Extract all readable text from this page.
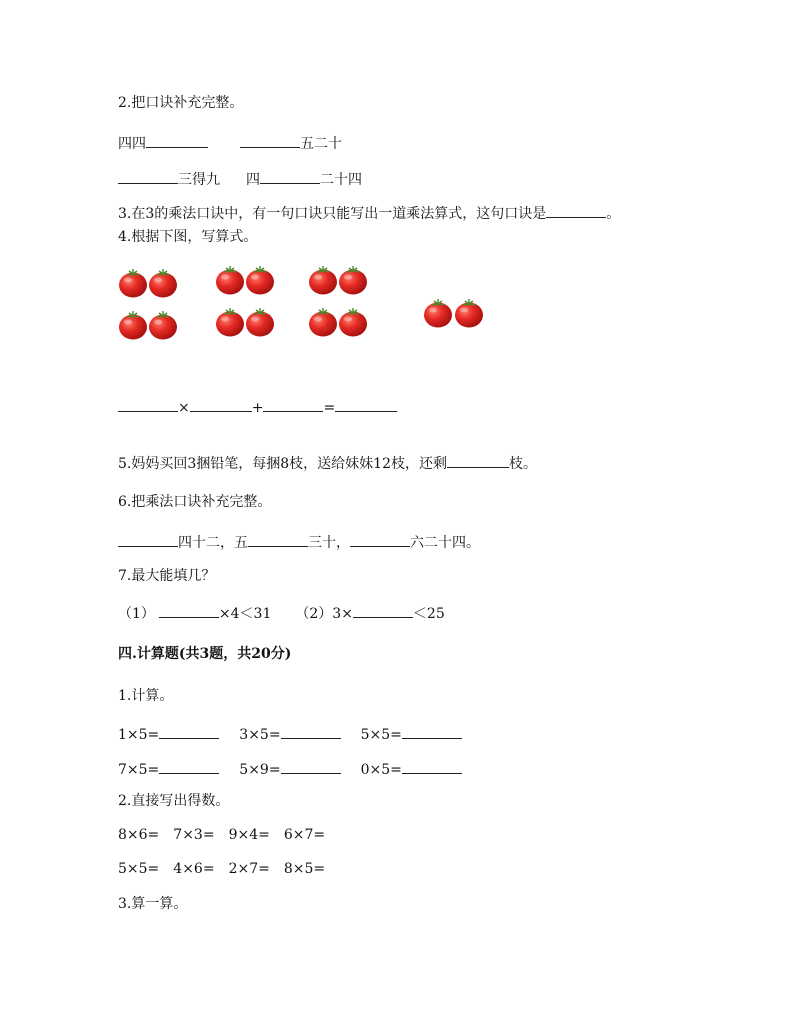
2.把口诀补充完整。
四四	五二十
三得九 四	二十四
3.在3的乘法口诀中，有一句口诀只能写出一道乘法算式，这句口诀是	。
4.根据下图，写算式。
×	+	=
5.妈妈买回3捆铅笔，每捆8枝，送给妹妹12枝，还剩	枝。
6.把乘法口诀补充完整。
四十二，五	三十，	六二十四。
7.最大能填几？
（1）	×4＜31 （2）3×	＜25
四.计算题(共3题，共20分)
1.计算。
1×5=	3×5=	5×5=
7×5=	5×9=	0×5=
2.直接写出得数。
8×6= 7×3= 9×4= 6×7=
5×5= 4×6= 2×7= 8×5=
3.算一算。
